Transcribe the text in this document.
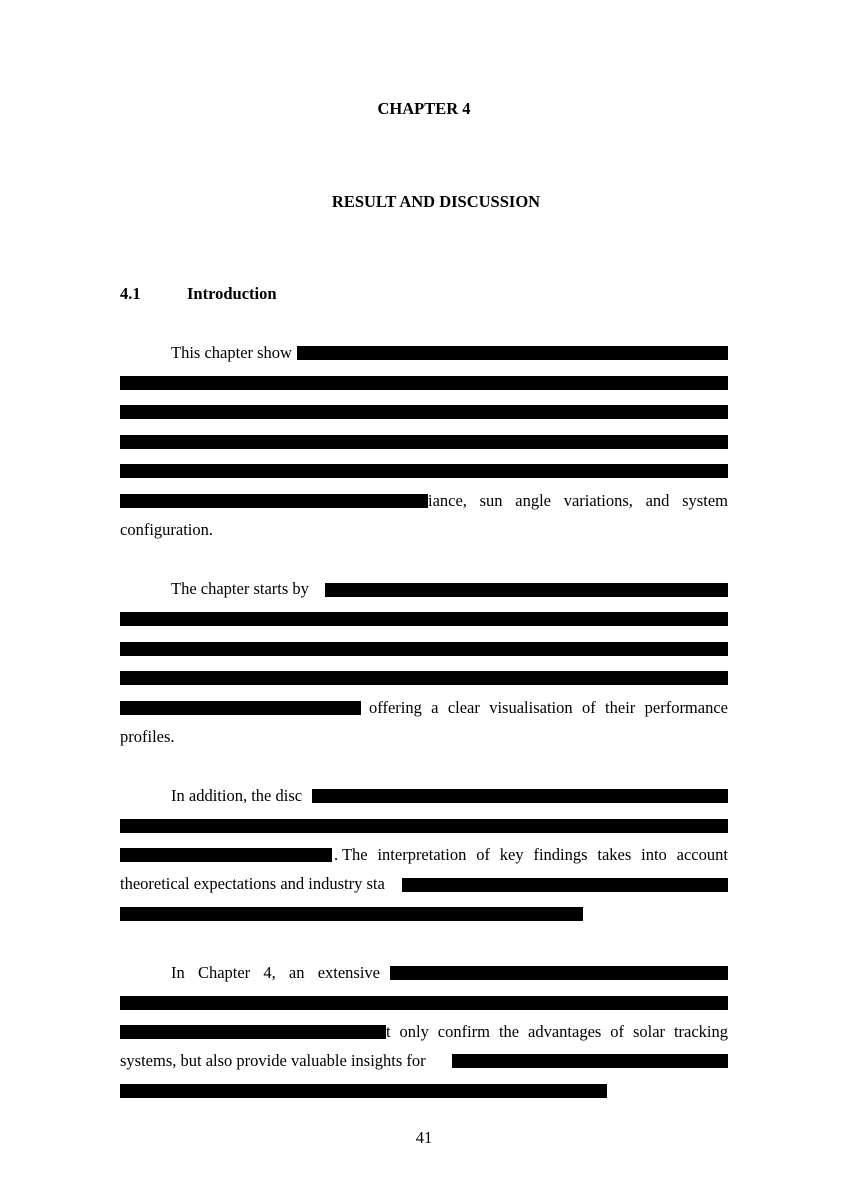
CHAPTER 4
RESULT AND DISCUSSION
4.1	Introduction
This chapter show
iance, sun angle variations, and system
configuration.
The chapter starts by
offering a clear visualisation of their performance
profiles.
In addition, the disc
. The interpretation of key findings takes into account
theoretical expectations and industry sta
In Chapter 4, an extensive
t only confirm the advantages of solar tracking
systems, but also provide valuable insights for
41
